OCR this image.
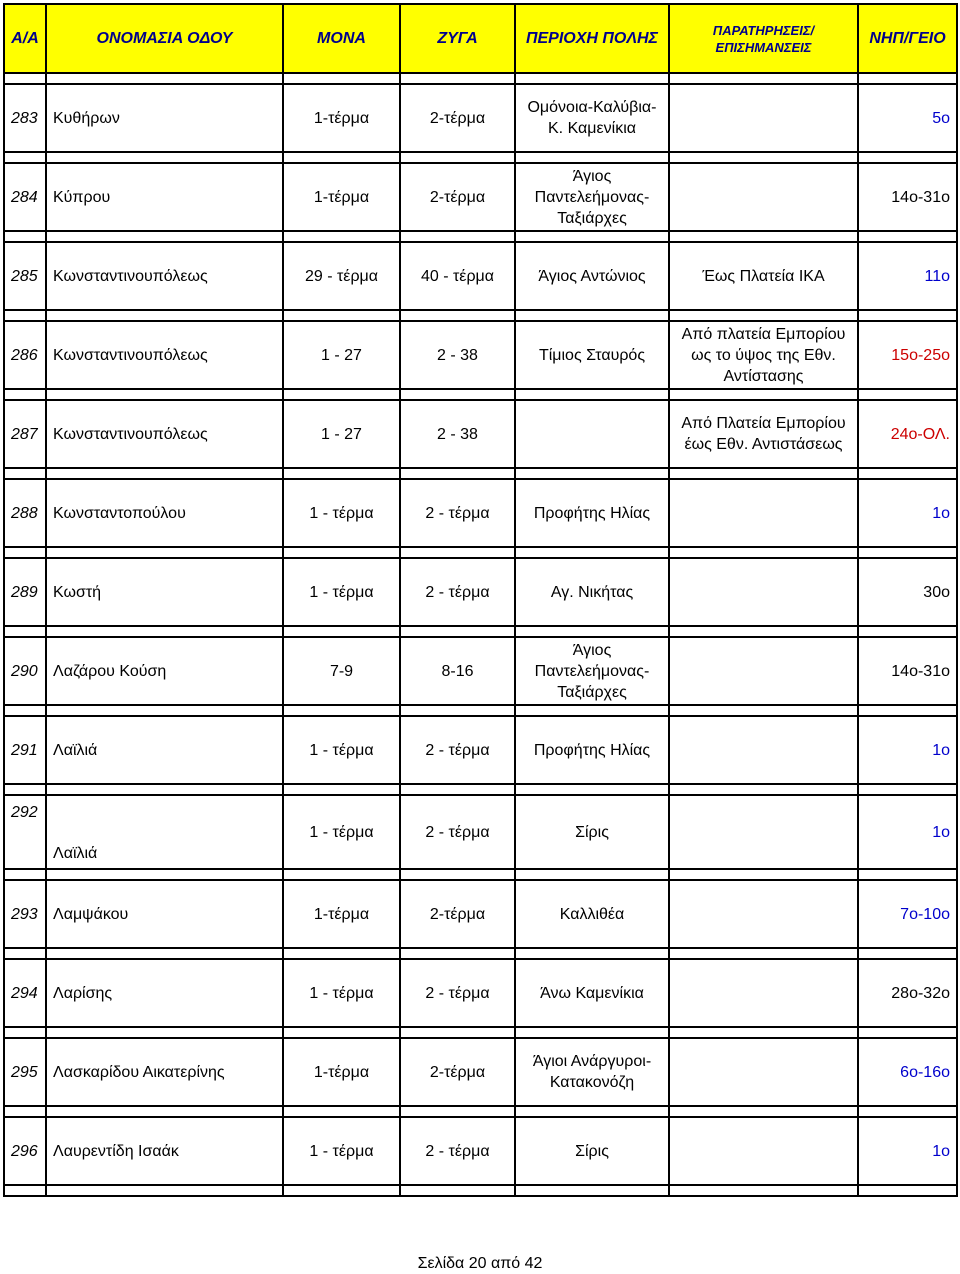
Α/Α	ΟΝΟΜΑΣΙΑ ΟΔΟΥ	ΜΟΝΑ	ΖΥΓΑ	ΠΕΡΙΟΧΗ ΠΟΛΗΣ	ΠΑΡΑΤΗΡΗΣΕΙΣ/ ΕΠΙΣΗΜΑΝΣΕΙΣ	ΝΗΠ/ΓΕΙΟ

283	Κυθήρων	1-τέρμα	2-τέρμα	Ομόνοια-Καλύβια-Κ. Καμενίκια		5ο

284	Κύπρου	1-τέρμα	2-τέρμα	Άγιος Παντελεήμονας-Ταξιάρχες		14ο-31ο

285	Κωνσταντινουπόλεως	29 - τέρμα	40 - τέρμα	Άγιος Αντώνιος	Έως Πλατεία ΙΚΑ	11ο

286	Κωνσταντινουπόλεως	1 - 27	2 - 38	Τίμιος Σταυρός	Από πλατεία Εμπορίου ως το ύψος της Εθν. Αντίστασης	15ο-25ο

287	Κωνσταντινουπόλεως	1 - 27	2 - 38		Από Πλατεία Εμπορίου έως Εθν. Αντιστάσεως	24ο-ΟΛ.

288	Κωνσταντοπούλου	1 - τέρμα	2 - τέρμα	Προφήτης Ηλίας		1ο

289	Κωστή	1 - τέρμα	2 - τέρμα	Αγ. Νικήτας		30ο

290	Λαζάρου Κούση	7-9	8-16	Άγιος Παντελεήμονας-Ταξιάρχες		14ο-31ο

291	Λαϊλιά	1 - τέρμα	2 - τέρμα	Προφήτης Ηλίας		1ο

292	Λαϊλιά	1 - τέρμα	2 - τέρμα	Σίρις		1ο

293	Λαμψάκου	1-τέρμα	2-τέρμα	Καλλιθέα		7ο-10ο

294	Λαρίσης	1 - τέρμα	2 - τέρμα	Άνω Καμενίκια		28ο-32ο

295	Λασκαρίδου Αικατερίνης	1-τέρμα	2-τέρμα	Άγιοι Ανάργυροι-Κατακονόζη		6ο-16ο

296	Λαυρεντίδη Ισαάκ	1 - τέρμα	2 - τέρμα	Σίρις		1ο

Σελίδα 20 από 42
